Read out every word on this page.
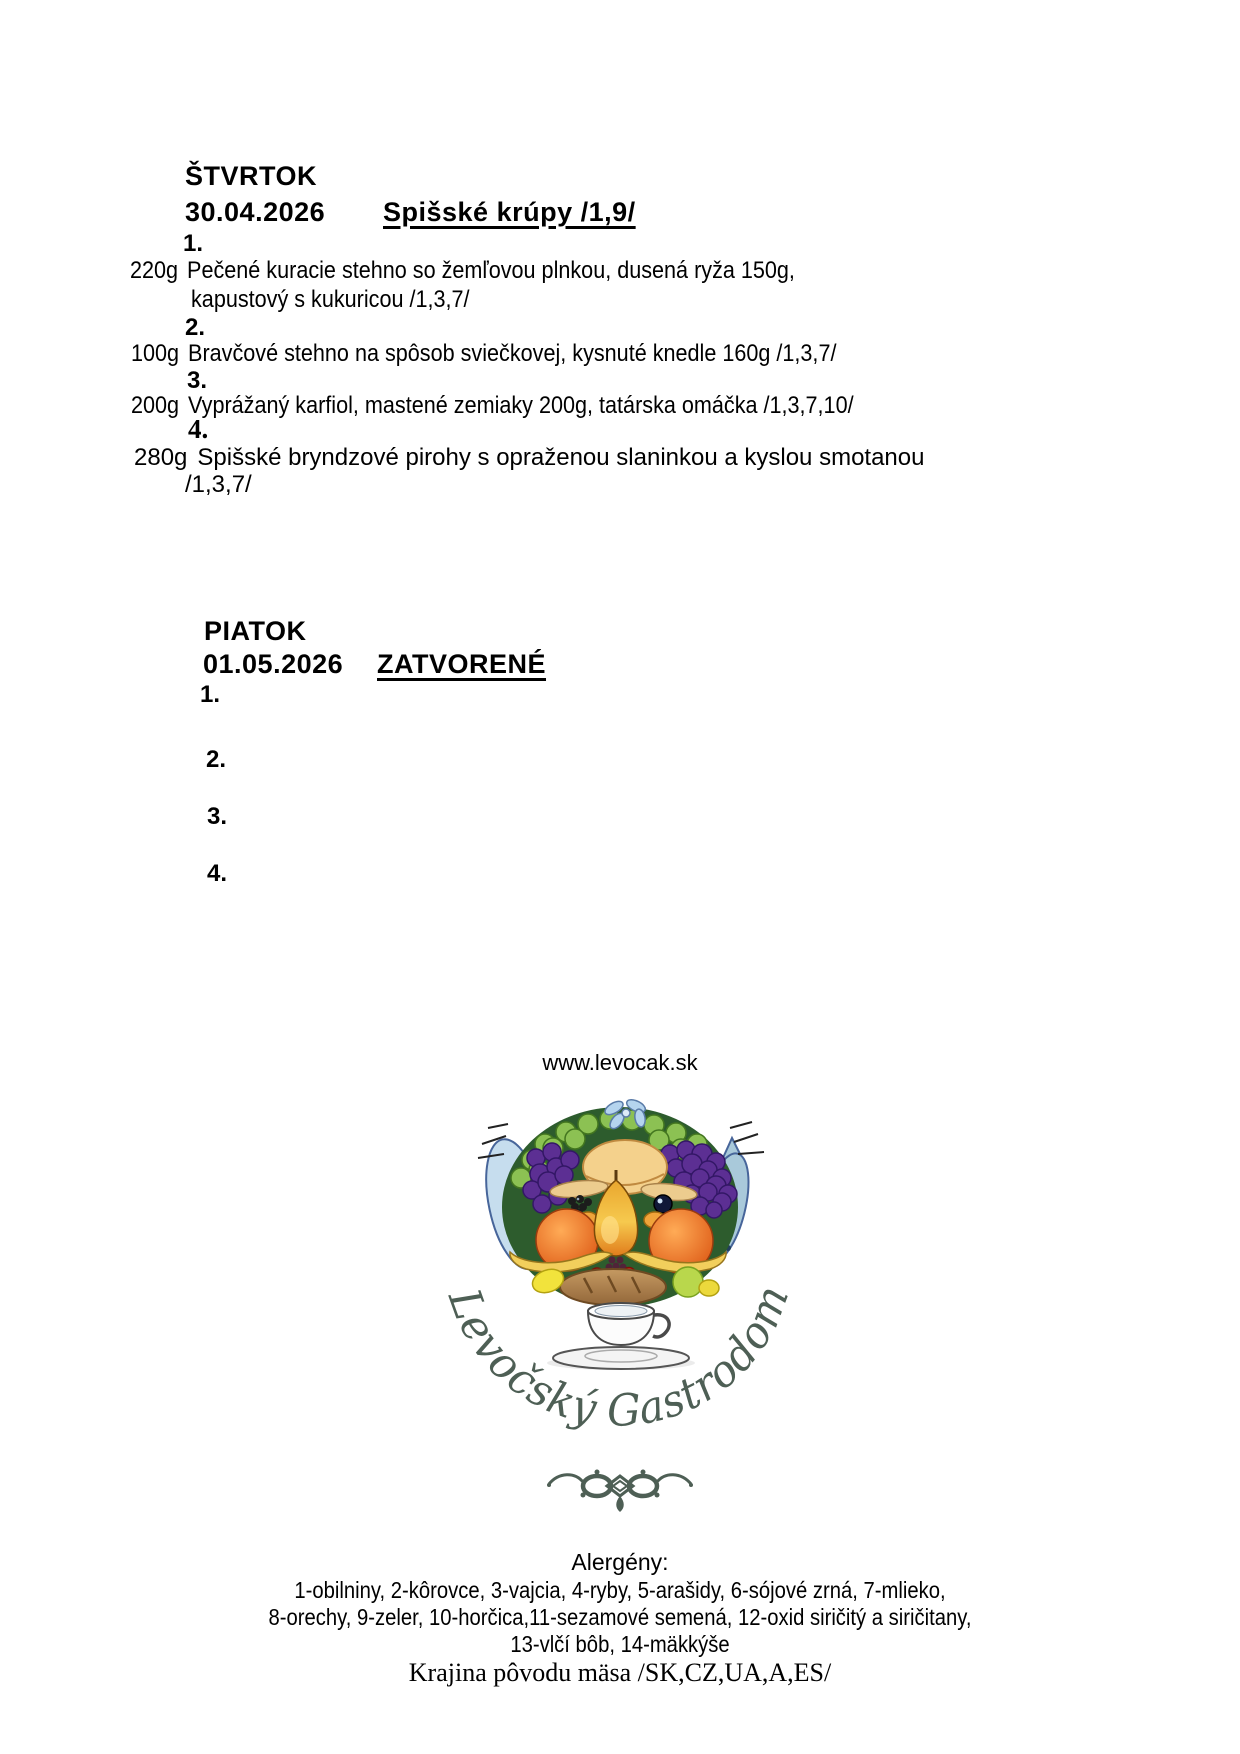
ŠTVRTOK
30.04.2026 Spišské krúpy /1,9/
1.
220g Pečené kuracie stehno so žemľovou plnkou, dusená ryža 150g,
kapustový s kukuricou /1,3,7/
2.
100g Bravčové stehno na spôsob sviečkovej, kysnuté knedle 160g /1,3,7/
3.
200g Vyprážaný karfiol, mastené zemiaky 200g, tatárska omáčka /1,3,7,10/
4.
280g Spišské bryndzové pirohy s opraženou slaninkou a kyslou smotanou
/1,3,7/
PIATOK
01.05.2026 ZATVORENÉ
1.
2.
3.
4.
www.levocak.sk
Levočský Gastrodom
Alergény:
1-obilniny, 2-kôrovce, 3-vajcia, 4-ryby, 5-arašidy, 6-sójové zrná, 7-mlieko,
8-orechy, 9-zeler, 10-horčica,11-sezamové semená, 12-oxid siričitý a siričitany,
13-vlčí bôb, 14-mäkkýše
Krajina pôvodu mäsa /SK,CZ,UA,A,ES/
